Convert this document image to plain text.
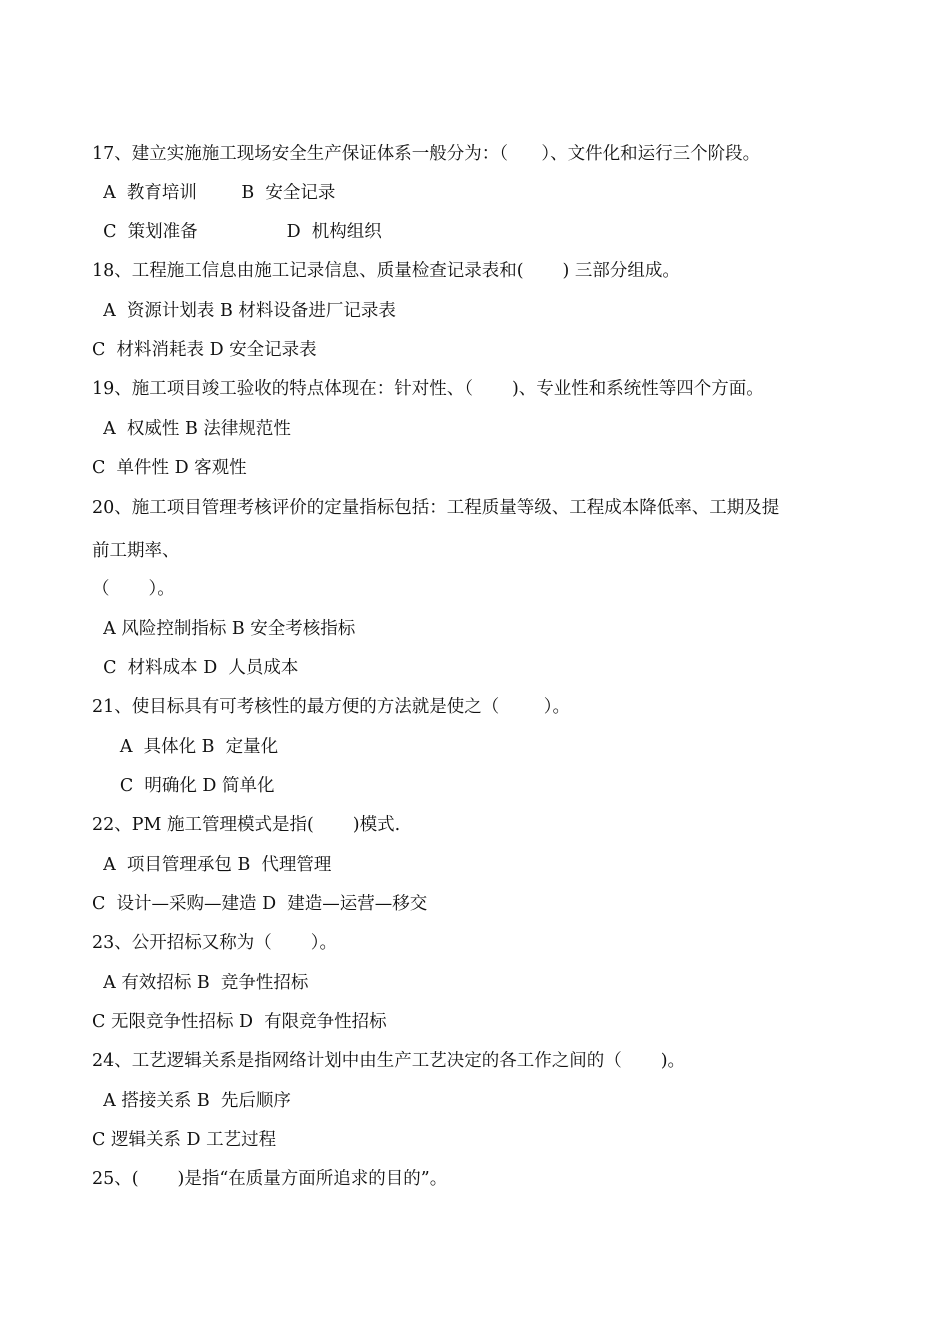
17、建立实施施工现场安全生产保证体系一般分为：（      ）、文件化和运行三个阶段。
A  教育培训        B  安全记录
C  策划准备                D  机构组织
18、工程施工信息由施工记录信息、质量检查记录表和(       ) 三部分组成。
A  资源计划表 B 材料设备进厂记录表
C  材料消耗表 D 安全记录表
19、施工项目竣工验收的特点体现在：针对性、（       )、专业性和系统性等四个方面。
A  权威性 B 法律规范性
C  单件性 D 客观性
20、施工项目管理考核评价的定量指标包括：工程质量等级、工程成本降低率、工期及提
前工期率、
（       ）。
A 风险控制指标 B 安全考核指标
C  材料成本 D  人员成本
21、使目标具有可考核性的最方便的方法就是使之（        ）。
A  具体化 B  定量化
C  明确化 D 简单化
22、PM 施工管理模式是指(       )模式.
A  项目管理承包 B  代理管理
C  设计—采购—建造 D  建造—运营—移交
23、公开招标又称为（       ）。
A 有效招标 B  竞争性招标
C 无限竞争性招标 D  有限竞争性招标
24、工艺逻辑关系是指网络计划中由生产工艺决定的各工作之间的（       )。
A 搭接关系 B  先后顺序
C 逻辑关系 D 工艺过程
25、(       )是指“在质量方面所追求的目的”。
